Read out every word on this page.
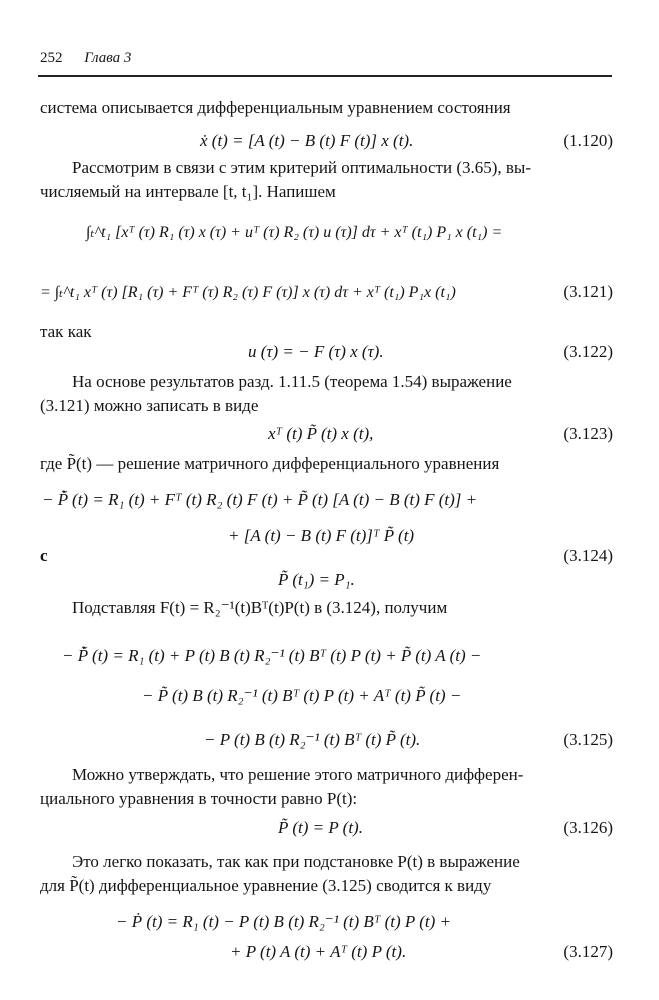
252 Глава 3
система описывается дифференциальным уравнением состояния
ẋ (t) = [A (t) − B (t) F (t)] x (t).	(1.120)
Рассмотрим в связи с этим критерий оптимальности (3.65), вы-
числяемый на интервале [t, t₁]. Напишем
∫ₜ^t₁ [xᵀ (τ) R₁ (τ) x (τ) + uᵀ (τ) R₂ (τ) u (τ)] dτ + xᵀ (t₁) P₁ x (t₁) =
= ∫ₜ^t₁ xᵀ (τ) [R₁ (τ) + Fᵀ (τ) R₂ (τ) F (τ)] x (τ) dτ + xᵀ (t₁) P₁x (t₁)	(3.121)
так как
u (τ) = − F (τ) x (τ).	(3.122)
На основе результатов разд. 1.11.5 (теорема 1.54) выражение
(3.121) можно записать в виде
xᵀ (t) P̃ (t) x (t),	(3.123)
где P̃(t) — решение матричного дифференциального уравнения
− P̃̇ (t) = R₁ (t) + Fᵀ (t) R₂ (t) F (t) + P̃ (t) [A (t) − B (t) F (t)] +
+ [A (t) − B (t) F (t)]ᵀ P̃ (t)
с	(3.124)
P̃ (t₁) = P₁.
Подставляя F(t) = R₂⁻¹(t)Bᵀ(t)P(t) в (3.124), получим
− P̃̇ (t) = R₁ (t) + P (t) B (t) R₂⁻¹ (t) Bᵀ (t) P (t) + P̃ (t) A (t) −
− P̃ (t) B (t) R₂⁻¹ (t) Bᵀ (t) P (t) + Aᵀ (t) P̃ (t) −
− P (t) B (t) R₂⁻¹ (t) Bᵀ (t) P̃ (t).	(3.125)
Можно утверждать, что решение этого матричного дифферен-
циального уравнения в точности равно P(t):
P̃ (t) = P (t).	(3.126)
Это легко показать, так как при подстановке P(t) в выражение
для P̃(t) дифференциальное уравнение (3.125) сводится к виду
− Ṗ (t) = R₁ (t) − P (t) B (t) R₂⁻¹ (t) Bᵀ (t) P (t) +
+ P (t) A (t) + Aᵀ (t) P (t).	(3.127)
